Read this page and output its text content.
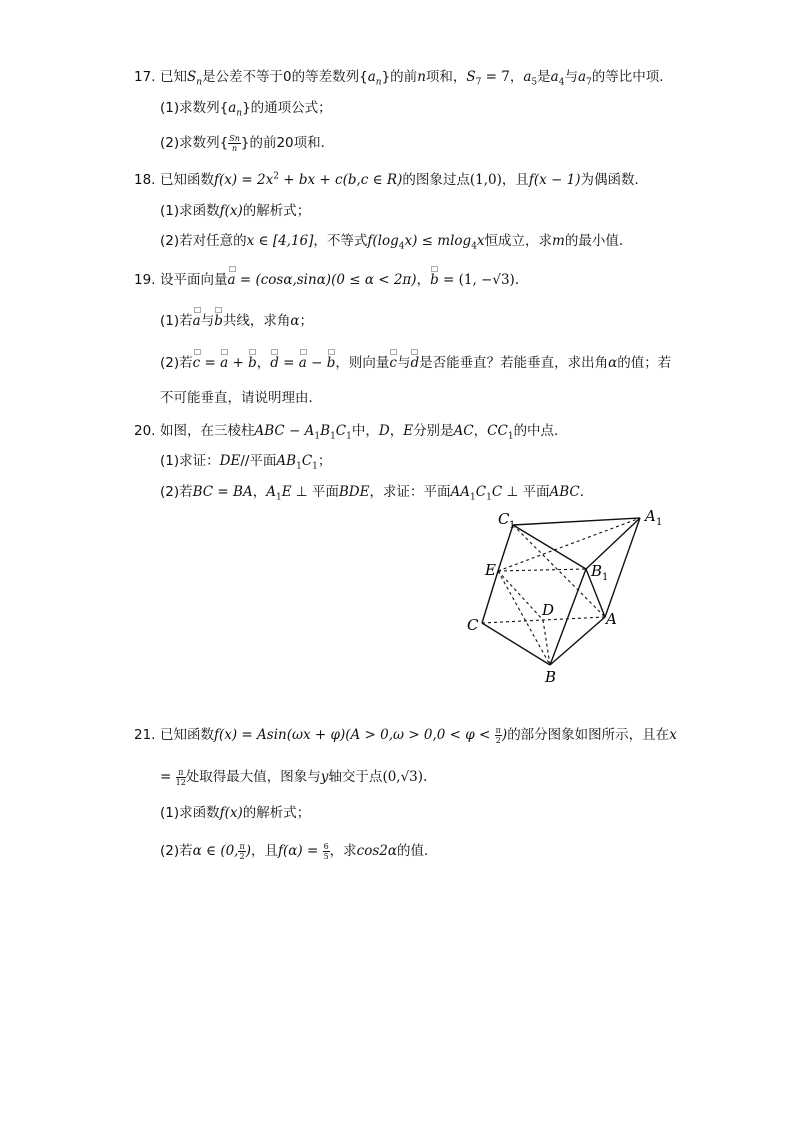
17. 已知$S_n$是公差不等于0的等差数列$\{a_n\}$的前n项和，$S_7 = 7$，$a_5$是$a_4$与$a_7$的等比中项．
(1)求数列$\{a_n\}$的通项公式；
(2)求数列{ $\frac{Sn}{n}$ }的前20项和．
18. 已知函数$f(x) = 2x^2$ + bx + c(b,c ∈ R)的图象过点(1,0)，且f(x − 1)为偶函数．
(1)求函数f(x)的解析式；
(2)若对任意的x ∈ [4,16]，不等式$f(\log_4x) \le mlog_4x$恒成立，求m的最小值．
19. 设平面向量a = (cosα,sinα)(0 ≤ α < 2π)，b = (1, −√3).
(1)若a与b共线，求角α；
(2)若c = a + b，d = a − b，则向量c与d是否能垂直？若能垂直，求出角α的值；若
不可能垂直，请说明理由．
20. 如图，在三棱柱ABC − $A_1B_1C_1$中，D，E分别是AC，$CC_1$的中点．
(1)求证：DE//平面$AB_1C_1$；
(2)若BC = BA，$A_1E$ ⊥ 平面BDE，求证：平面$AA_1C_1C$ ⊥ 平面ABC．
C 1
A 1
B 1
E
D
C	A
B
21. 已知函数$f(x) = Asin(\omega x + \varphi)(A > 0,\omega > 0,0 < \varphi < \frac{\pi}{2}$ )的部分图象如图所示，且在x
= $\frac{\pi}{12}$ 处取得最大值，图象与y轴交于点(0,√3).
(1)求函数f(x)的解析式；
(2)若α ∈ (0, $\frac{\pi}{2}$ )，且$f(\alpha) = \frac{6}{5}$ ，求cos2α的值．
